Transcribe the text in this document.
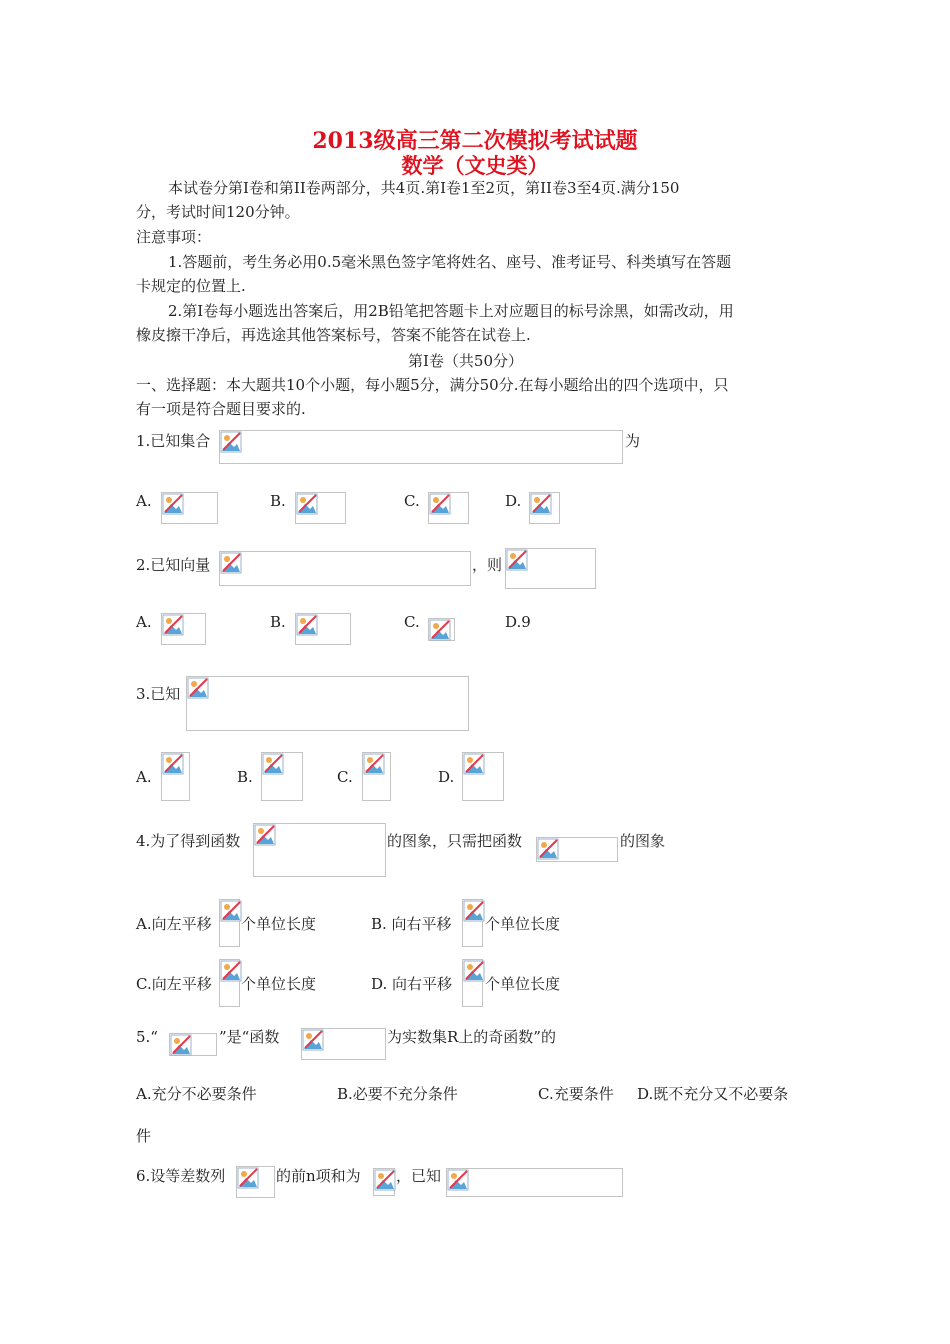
2013级高三第二次模拟考试试题
数学（文史类）
本试卷分第Ⅰ卷和第II卷两部分，共4页.第Ⅰ卷1至2页，第II卷3至4页.满分150
分，考试时间120分钟。
注意事项：
1.答题前，考生务必用0.5毫米黑色签字笔将姓名、座号、准考证号、科类填写在答题
卡规定的位置上.
2.第Ⅰ卷每小题选出答案后，用2B铅笔把答题卡上对应题目的标号涂黑，如需改动，用
橡皮擦干净后，再选途其他答案标号，答案不能答在试卷上.
第Ⅰ卷（共50分）
一、选择题：本大题共10个小题，每小题5分，满分50分.在每小题给出的四个选项中，只
有一项是符合题目要求的.
1.已知集合	为
A.	B.	C.	D.
2.已知向量	，则
A.	B.	C.	D.9
3.已知
A.	B.	C.	D.
4.为了得到函数	的图象，只需把函数	的图象
A.向左平移 个单位长度	B. 向右平移 个单位长度
C.向左平移 个单位长度	D. 向右平移 个单位长度
5.“	”是“函数	为实数集R上的奇函数”的
A.充分不必要条件	B.必要不充分条件	C.充要条件 D.既不充分又不必要条
件
6.设等差数列	的前n项和为 ，已知
